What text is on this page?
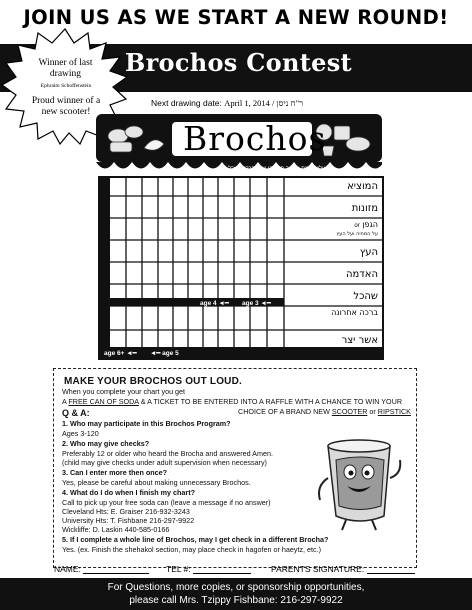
JOIN US AS WE START A NEW ROUND!
Brochos Contest
Winner of last drawing
Ephraim Schoffenstein
Proud winner of a new scooter!
Next drawing date: April 1, 2014 / ר"ח ניסן
Brochos
לעילוי נשמת ר' זאב חיים בן יוסף ברקוביץ ז"ל
המוציא
מזונות
הגפן or
על המחיה ועל העץ
העץ
האדמה
שהכל
ברכה אחרונה
אשר יצר
age 4 ◄━ age 3 ◄━
age 6+ ◄━ ◄━ age 5
MAKE YOUR BROCHOS OUT LOUD.
When you complete your chart you get
A FREE CAN OF SODA & A TICKET TO BE ENTERED INTO A RAFFLE WITH A CHANCE TO WIN YOUR
CHOICE OF A BRAND NEW SCOOTER or RIPSTICK
Q & A:
1. Who may participate in this Brochos Program?
Ages 3-120
2. Who may give checks?
Preferably 12 or older who heard the Brocha and answered Amen.
(child may give checks under adult supervision when necessary)
3. Can I enter more then once?
Yes, please be careful about making unnecessary Brochos.
4. What do I do when I finish my chart?
Call to pick up your free soda can (leave a message if no answer)
Cleveland Hts: E. Graiser 216-932-3243
University Hts: T. Fishbane 216-297-9922
Wickliffe: D. Laskin 440-585-0166
5. If I complete a whole line of Brochos, may I get check in a different Brocha?
Yes. (ex. Finish the shehakol section, may place check in hagofen or haeytz, etc.)
NAME:	TEL #:	PARENTS SIGNATURE:
For Questions, more copies, or sponsorship opportunities,
please call Mrs. Tzippy Fishbane: 216-297-9922
